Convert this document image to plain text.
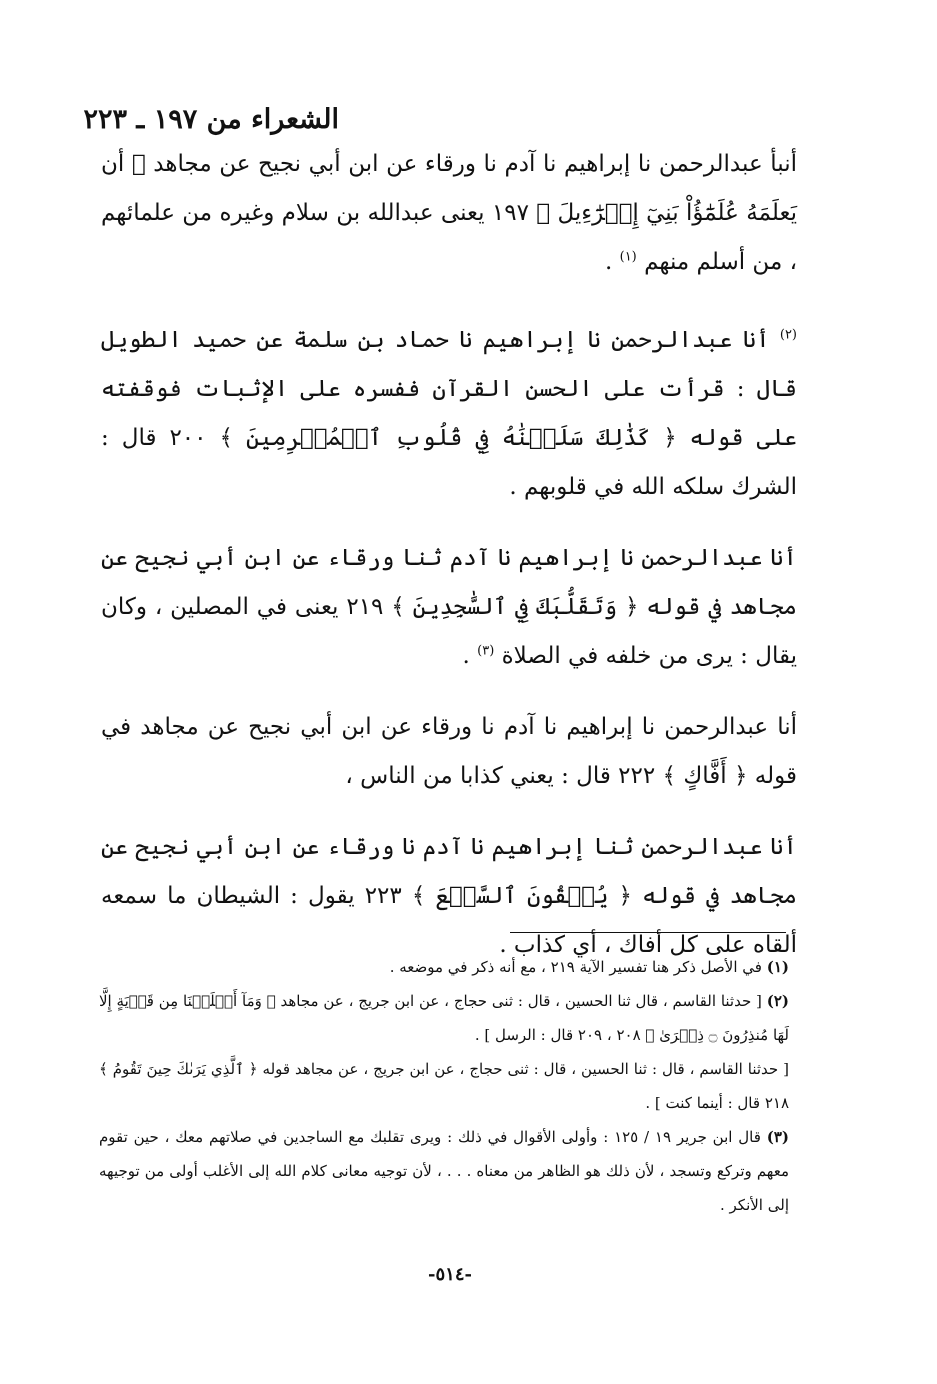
الشعراء من ١٩٧ ـ ٢٢٣

أنبأ عبدالرحمن نا إبراهيم نا آدم نا ورقاء عن ابن أبي نجيح عن مجاهد ﴿ أن يَعلَمَهُ عُلَمَٰٓؤُاْ بَنِيٓ إِسۡرَٰٓءِيلَ ﴾ ١٩٧ يعنى عبدالله بن سلام وغيره من علمائهم ، من أسلم منهم $^{(١)}$ .

$^{(٢)}$ أنا عبدالرحمن نا إبراهيم نا حماد بن سلمة عن حميد الطويل قال : قرأت على الحسن القرآن ففسره على الإثبات فوقفته على قوله ﴿ كَذَٰلِكَ سَلَكۡنَٰهُ فِي قُلُوبِ ٱلۡمُجۡرِمِينَ ﴾ ٢٠٠ قال : الشرك سلكه الله في قلوبهم .

أنا عبدالرحمن نا إبراهيم نا آدم ثنا ورقاء عن ابن أبي نجيح عن مجاهد في قوله ﴿ وَتَقَلُّبَكَ فِي ٱلسَّٰجِدِينَ ﴾ ٢١٩ يعنى في المصلين ، وكان يقال : يرى من خلفه في الصلاة $^{(٣)}$ .

أنا عبدالرحمن نا إبراهيم نا آدم نا ورقاء عن ابن أبي نجيح عن مجاهد في قوله ﴿ أَفَّاكٍ ﴾ ٢٢٢ قال : يعني كذابا من الناس ،

أنا عبدالرحمن ثنا إبراهيم نا آدم نا ورقاء عن ابن أبي نجيح عن مجاهد في قوله ﴿ يُلۡقُونَ ٱلسَّمۡعَ ﴾ ٢٢٣ يقول : الشيطان ما سمعه ألقاه على كل أفاك ، أي كذاب .

(١) في الأصل ذكر هنا تفسير الآية ٢١٩ ، مع أنه ذكر في موضعه .

(٢) [ حدثنا القاسم ، قال ثنا الحسين ، قال : ثنى حجاج ، عن ابن جريج ، عن مجاهد ﴿ وَمَآ أَهۡلَكۡنَا مِن قَرۡيَةٍ إِلَّا لَهَا مُنذِرُونَ ۝ ذِكۡرَىٰ ﴾ ٢٠٨ ، ٢٠٩ قال : الرسل ] .

[ حدثنا القاسم ، قال : ثنا الحسين ، قال : ثنى حجاج ، عن ابن جريج ، عن مجاهد قوله ﴿ ٱلَّذِي يَرَىٰكَ حِينَ تَقُومُ ﴾ ٢١٨ قال : أينما كنت ] .

(٣) قال ابن جرير ١٩ / ١٢٥ : وأولى الأقوال في ذلك : ويرى تقلبك مع الساجدين في صلاتهم معك ، حين تقوم معهم وتركع وتسجد ، لأن ذلك هو الظاهر من معناه . . . ، لأن توجيه معانى كلام الله إلى الأغلب أولى من توجيهه إلى الأنكر .

-٥١٤-
